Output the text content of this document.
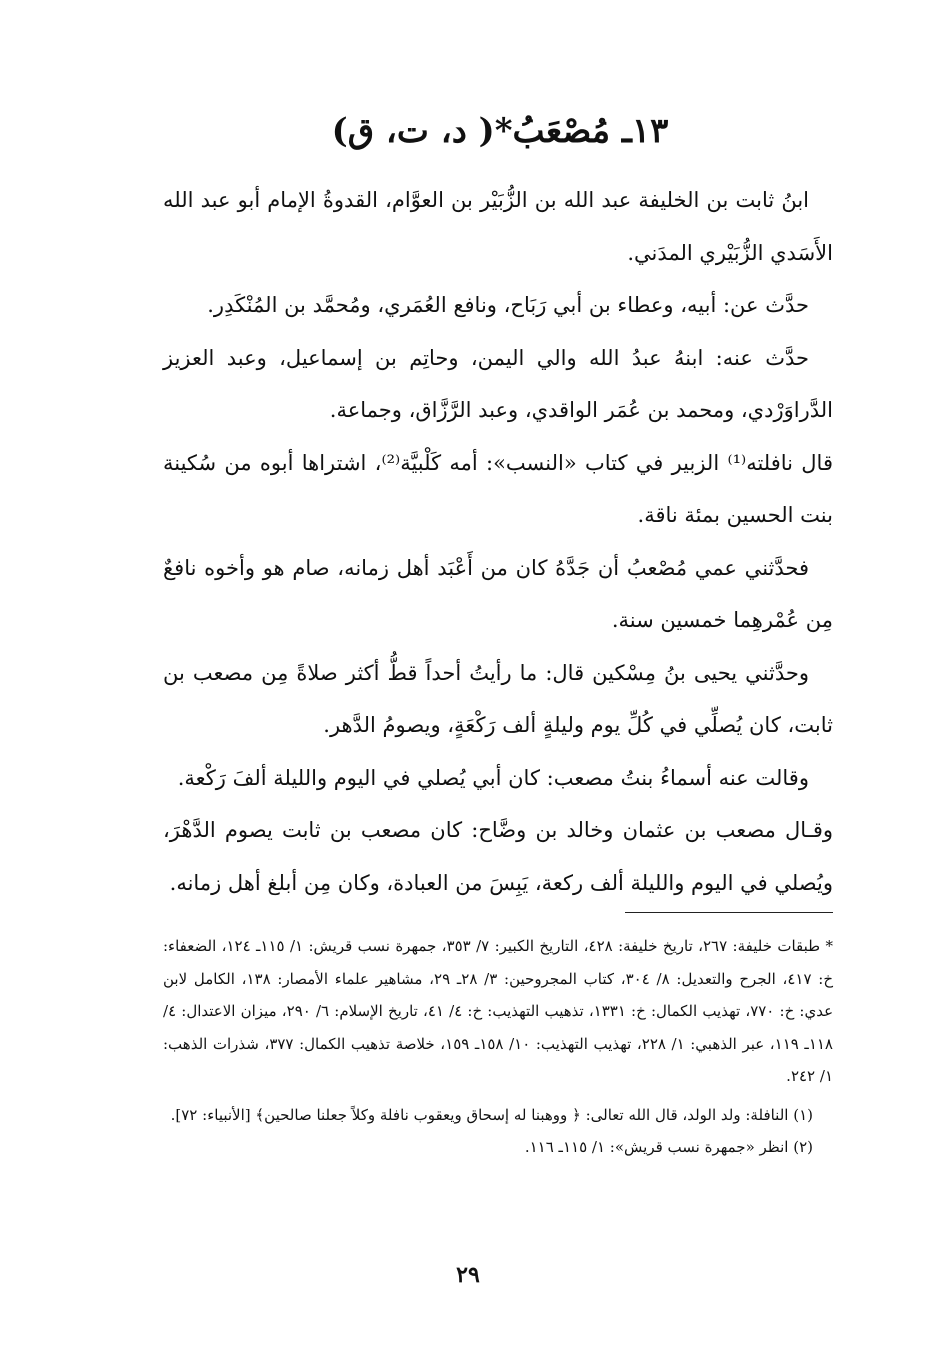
١٣ـ مُصْعَبُ*( د، ت، ق)

ابنُ ثابت بن الخليفة عبد الله بن الزُّبَيْر بن العوَّام، القدوةُ الإمام أبو عبد الله الأَسَدي الزُّبَيْري المدَني.

حدَّث عن: أبيه، وعطاء بن أبي رَبَاح، ونافع العُمَري، ومُحمَّد بن المُنْكَدِر.

حدَّث عنه: ابنهُ عبدُ الله والي اليمن، وحاتِم بن إسماعيل، وعبد العزيز الدَّراوَرْدي، ومحمد بن عُمَر الواقدي، وعبد الرَّزَّاق، وجماعة.

قال نافلته⁽¹⁾ الزبير في كتاب «النسب»: أمه كَلْبيَّة⁽²⁾، اشتراها أبوه من سُكينة بنت الحسين بمئة ناقة.

فحدَّثني عمي مُصْعبُ أن جَدَّهُ كان من أَعْبَد أهل زمانه، صام هو وأخوه نافعٌ مِن عُمْرهِما خمسين سنة.

وحدَّثني يحيى بنُ مِسْكين قال: ما رأيتُ أحداً قطُّ أكثر صلاةً مِن مصعب بن ثابت، كان يُصلِّي في كُلِّ يوم وليلةٍ ألف رَكْعَةٍ، ويصومُ الدَّهر.

وقالت عنه أسماءُ بنتُ مصعب: كان أبي يُصلي في اليوم والليلة ألفَ رَكْعة.

وقـال مصعب بن عثمان وخالد بن وضَّاح: كان مصعب بن ثابت يصوم الدَّهْرَ، ويُصلي في اليوم والليلة ألف ركعة، يَبِسَ من العبادة، وكان مِن أبلغ أهل زمانه.

* طبقات خليفة: ٢٦٧، تاريخ خليفة: ٤٢٨، التاريخ الكبير: ٧/ ٣٥٣، جمهرة نسب قريش: ١/ ١١٥ـ ١٢٤، الضعفاء: خ: ٤١٧، الجرح والتعديل: ٨/ ٣٠٤، كتاب المجروحين: ٣/ ٢٨ـ ٢٩، مشاهير علماء الأمصار: ١٣٨، الكامل لابن عدي: خ: ٧٧٠، تهذيب الكمال: خ: ١٣٣١، تذهيب التهذيب: خ: ٤/ ٤١، تاريخ الإسلام: ٦/ ٢٩٠، ميزان الاعتدال: ٤/ ١١٨ـ ١١٩، عبر الذهبي: ١/ ٢٢٨، تهذيب التهذيب: ١٠/ ١٥٨ـ ١٥٩، خلاصة تذهيب الكمال: ٣٧٧، شذرات الذهب: ١/ ٢٤٢.

(١) النافلة: ولد الولد، قال الله تعالى: ﴿ ووهبنا له إسحاق ويعقوب نافلة وكلاً جعلنا صالحين﴾ [الأنبياء: ٧٢].

(٢) انظر «جمهرة نسب قريش»: ١/ ١١٥ـ ١١٦.

٢٩
